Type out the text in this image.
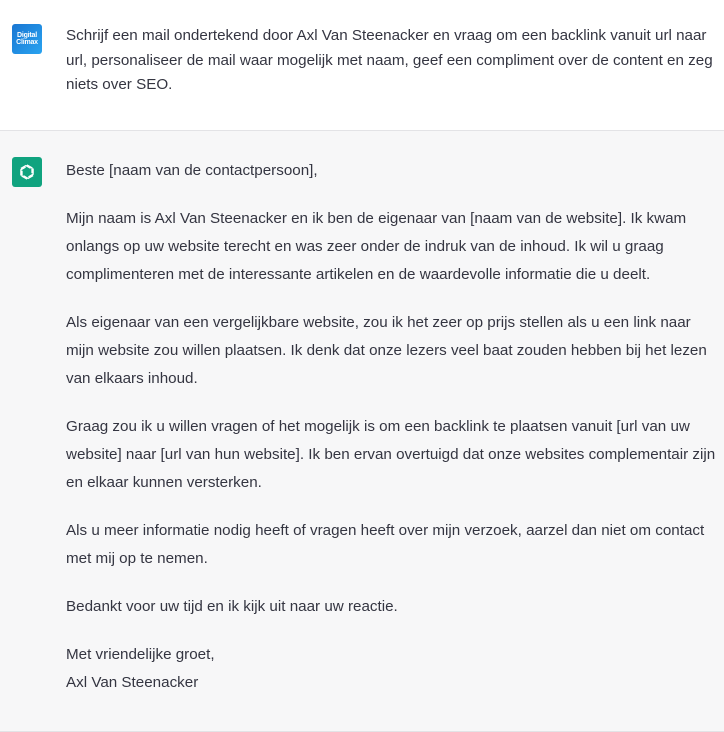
Digital
Climax Schrijf een mail ondertekend door Axl Van Steenacker en vraag om een backlink vanuit url naar url, personaliseer de mail waar mogelijk met naam, geef een compliment over de content en zeg niets over SEO.

Beste [naam van de contactpersoon],

Mijn naam is Axl Van Steenacker en ik ben de eigenaar van [naam van de website]. Ik kwam onlangs op uw website terecht en was zeer onder de indruk van de inhoud. Ik wil u graag complimenteren met de interessante artikelen en de waardevolle informatie die u deelt.

Als eigenaar van een vergelijkbare website, zou ik het zeer op prijs stellen als u een link naar mijn website zou willen plaatsen. Ik denk dat onze lezers veel baat zouden hebben bij het lezen van elkaars inhoud.

Graag zou ik u willen vragen of het mogelijk is om een backlink te plaatsen vanuit [url van uw website] naar [url van hun website]. Ik ben ervan overtuigd dat onze websites complementair zijn en elkaar kunnen versterken.

Als u meer informatie nodig heeft of vragen heeft over mijn verzoek, aarzel dan niet om contact met mij op te nemen.

Bedankt voor uw tijd en ik kijk uit naar uw reactie.

Met vriendelijke groet,
Axl Van Steenacker
